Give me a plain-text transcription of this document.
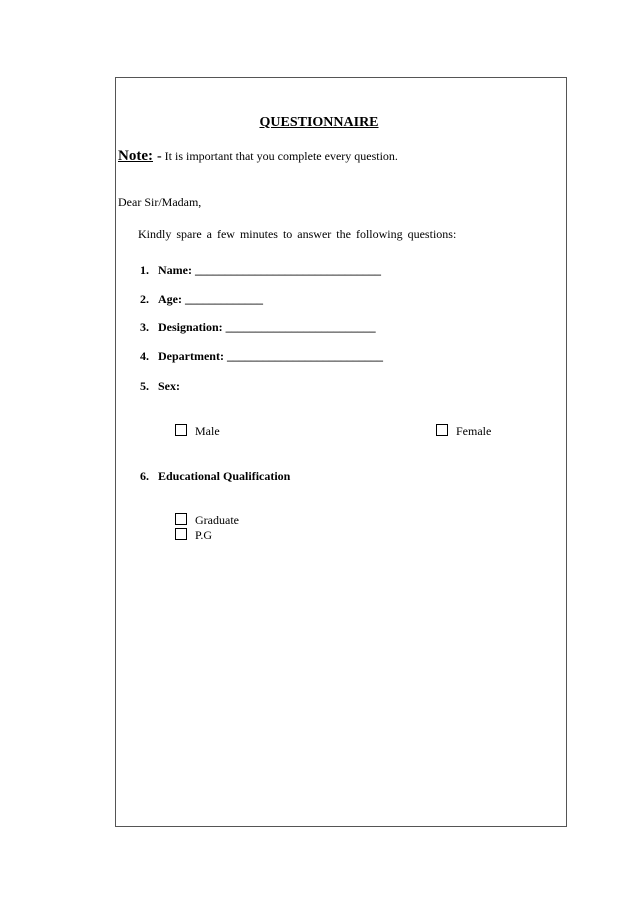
QUESTIONNAIRE
Note: - It is important that you complete every question.
Dear Sir/Madam,
Kindly spare a few minutes to answer the following questions:
1. Name: _______________________________
2. Age: _____________
3. Designation: _________________________
4. Department: __________________________
5. Sex:
Male	Female
6. Educational Qualification
Graduate
P.G
